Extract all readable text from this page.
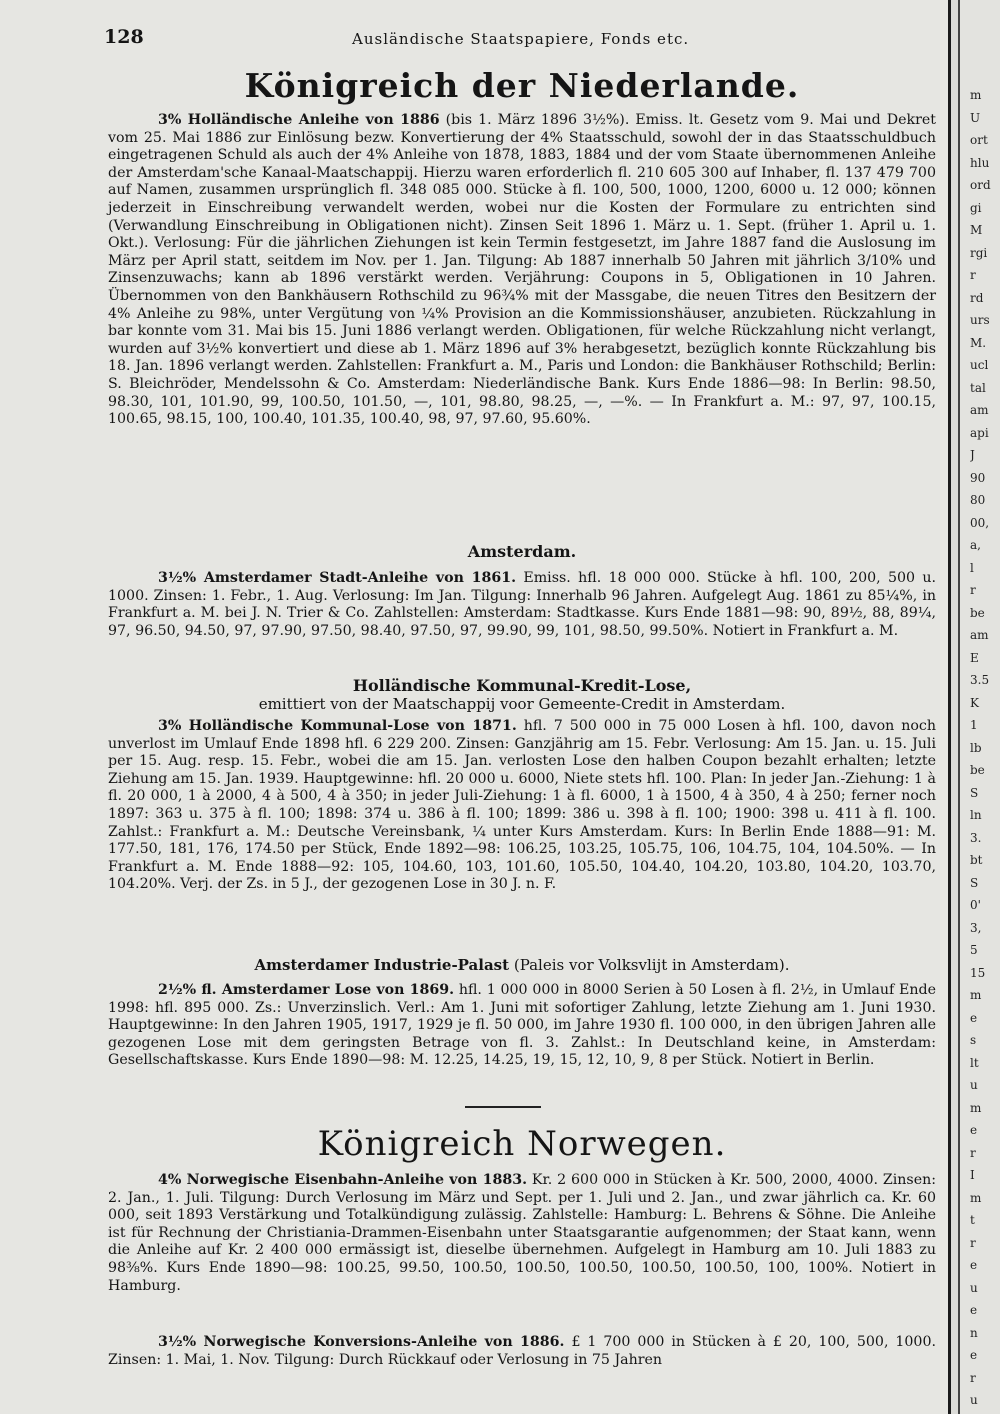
128	Ausländische Staatspapiere, Fonds etc.
Königreich der Niederlande.
3% Holländische Anleihe von 1886 (bis 1. März 1896 3½%). Emiss. lt. Gesetz vom 9. Mai und Dekret vom 25. Mai 1886 zur Einlösung bezw. Konvertierung der 4% Staatsschuld, sowohl der in das Staatsschuldbuch eingetragenen Schuld als auch der 4% Anleihe von 1878, 1883, 1884 und der vom Staate übernommenen Anleihe der Amsterdam'sche Kanaal-Maatschappij. Hierzu waren erforderlich fl. 210 605 300 auf Inhaber, fl. 137 479 700 auf Namen, zusammen ursprünglich fl. 348 085 000. Stücke à fl. 100, 500, 1000, 1200, 6000 u. 12 000; können jederzeit in Einschreibung verwandelt werden, wobei nur die Kosten der Formulare zu entrichten sind (Verwandlung Einschreibung in Obligationen nicht). Zinsen Seit 1896 1. März u. 1. Sept. (früher 1. April u. 1. Okt.). Verlosung: Für die jährlichen Ziehungen ist kein Termin festgesetzt, im Jahre 1887 fand die Auslosung im März per April statt, seitdem im Nov. per 1. Jan. Tilgung: Ab 1887 innerhalb 50 Jahren mit jährlich 3/10% und Zinsenzuwachs; kann ab 1896 verstärkt werden. Verjährung: Coupons in 5, Obligationen in 10 Jahren. Übernommen von den Bankhäusern Rothschild zu 96¾% mit der Massgabe, die neuen Titres den Besitzern der 4% Anleihe zu 98%, unter Vergütung von ¼% Provision an die Kommissionshäuser, anzubieten. Rückzahlung in bar konnte vom 31. Mai bis 15. Juni 1886 verlangt werden. Obligationen, für welche Rückzahlung nicht verlangt, wurden auf 3½% konvertiert und diese ab 1. März 1896 auf 3% herabgesetzt, bezüglich konnte Rückzahlung bis 18. Jan. 1896 verlangt werden. Zahlstellen: Frankfurt a. M., Paris und London: die Bankhäuser Rothschild; Berlin: S. Bleichröder, Mendelssohn & Co. Amsterdam: Niederländische Bank. Kurs Ende 1886—98: In Berlin: 98.50, 98.30, 101, 101.90, 99, 100.50, 101.50, —, 101, 98.80, 98.25, —, —%. — In Frankfurt a. M.: 97, 97, 100.15, 100.65, 98.15, 100, 100.40, 101.35, 100.40, 98, 97, 97.60, 95.60%.
Amsterdam.
3½% Amsterdamer Stadt-Anleihe von 1861. Emiss. hfl. 18 000 000. Stücke à hfl. 100, 200, 500 u. 1000. Zinsen: 1. Febr., 1. Aug. Verlosung: Im Jan. Tilgung: Innerhalb 96 Jahren. Aufgelegt Aug. 1861 zu 85¼%, in Frankfurt a. M. bei J. N. Trier & Co. Zahlstellen: Amsterdam: Stadtkasse. Kurs Ende 1881—98: 90, 89½, 88, 89¼, 97, 96.50, 94.50, 97, 97.90, 97.50, 98.40, 97.50, 97, 99.90, 99, 101, 98.50, 99.50%. Notiert in Frankfurt a. M.
Holländische Kommunal-Kredit-Lose,
emittiert von der Maatschappij voor Gemeente-Credit in Amsterdam.
3% Holländische Kommunal-Lose von 1871. hfl. 7 500 000 in 75 000 Losen à hfl. 100, davon noch unverlost im Umlauf Ende 1898 hfl. 6 229 200. Zinsen: Ganzjährig am 15. Febr. Verlosung: Am 15. Jan. u. 15. Juli per 15. Aug. resp. 15. Febr., wobei die am 15. Jan. verlosten Lose den halben Coupon bezahlt erhalten; letzte Ziehung am 15. Jan. 1939. Hauptgewinne: hfl. 20 000 u. 6000, Niete stets hfl. 100. Plan: In jeder Jan.-Ziehung: 1 à fl. 20 000, 1 à 2000, 4 à 500, 4 à 350; in jeder Juli-Ziehung: 1 à fl. 6000, 1 à 1500, 4 à 350, 4 à 250; ferner noch 1897: 363 u. 375 à fl. 100; 1898: 374 u. 386 à fl. 100; 1899: 386 u. 398 à fl. 100; 1900: 398 u. 411 à fl. 100. Zahlst.: Frankfurt a. M.: Deutsche Vereinsbank, ¼ unter Kurs Amsterdam. Kurs: In Berlin Ende 1888—91: M. 177.50, 181, 176, 174.50 per Stück, Ende 1892—98: 106.25, 103.25, 105.75, 106, 104.75, 104, 104.50%. — In Frankfurt a. M. Ende 1888—92: 105, 104.60, 103, 101.60, 105.50, 104.40, 104.20, 103.80, 104.20, 103.70, 104.20%. Verj. der Zs. in 5 J., der gezogenen Lose in 30 J. n. F.
Amsterdamer Industrie-Palast (Paleis vor Volksvlijt in Amsterdam).
2½% fl. Amsterdamer Lose von 1869. hfl. 1 000 000 in 8000 Serien à 50 Losen à fl. 2½, in Umlauf Ende 1998: hfl. 895 000. Zs.: Unverzinslich. Verl.: Am 1. Juni mit sofortiger Zahlung, letzte Ziehung am 1. Juni 1930. Hauptgewinne: In den Jahren 1905, 1917, 1929 je fl. 50 000, im Jahre 1930 fl. 100 000, in den übrigen Jahren alle gezogenen Lose mit dem geringsten Betrage von fl. 3. Zahlst.: In Deutschland keine, in Amsterdam: Gesellschaftskasse. Kurs Ende 1890—98: M. 12.25, 14.25, 19, 15, 12, 10, 9, 8 per Stück. Notiert in Berlin.
Königreich Norwegen.
4% Norwegische Eisenbahn-Anleihe von 1883. Kr. 2 600 000 in Stücken à Kr. 500, 2000, 4000. Zinsen: 2. Jan., 1. Juli. Tilgung: Durch Verlosung im März und Sept. per 1. Juli und 2. Jan., und zwar jährlich ca. Kr. 60 000, seit 1893 Verstärkung und Totalkündigung zulässig. Zahlstelle: Hamburg: L. Behrens & Söhne. Die Anleihe ist für Rechnung der Christiania-Drammen-Eisenbahn unter Staatsgarantie aufgenommen; der Staat kann, wenn die Anleihe auf Kr. 2 400 000 ermässigt ist, dieselbe übernehmen. Aufgelegt in Hamburg am 10. Juli 1883 zu 98⅜%. Kurs Ende 1890—98: 100.25, 99.50, 100.50, 100.50, 100.50, 100.50, 100.50, 100, 100%. Notiert in Hamburg.
3½% Norwegische Konversions-Anleihe von 1886. £ 1 700 000 in Stücken à £ 20, 100, 500, 1000. Zinsen: 1. Mai, 1. Nov. Tilgung: Durch Rückkauf oder Verlosung in 75 Jahren
m
U
ort
hlu
ord
gi
M
rgi
r
rd
urs
M.
ucl
tal
am
api
J
90
80
00,
a,
l
r
be
am
E
3.5
K
1
lb
be
S
ln
3.
bt
S
0'
3,
5
15
m
e
s
lt
u
m
e
r
I
m
t
r
e
u
e
n
e
r
u
